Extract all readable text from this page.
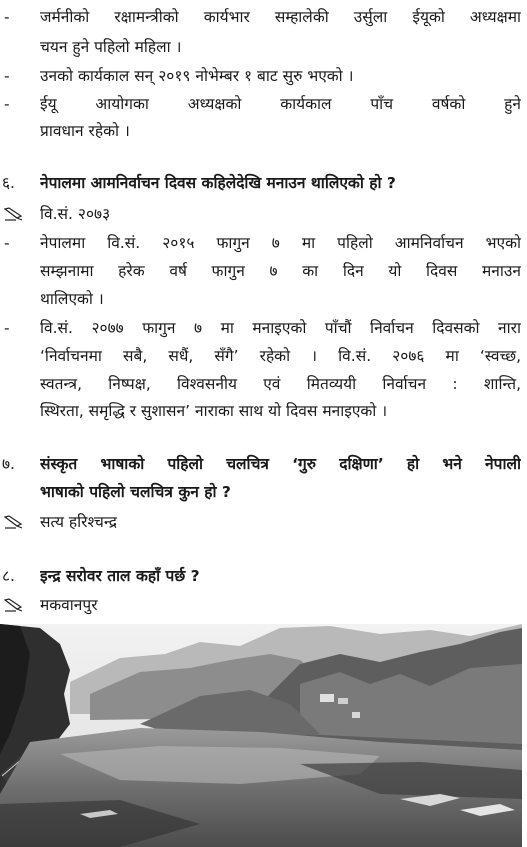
-	जर्मनीको रक्षामन्त्रीको कार्यभार सम्हालेकी उर्सुला ईयूको अध्यक्षमा
चयन हुने पहिलो महिला ।
-	उनको कार्यकाल सन् २०१९ नोभेम्बर १ बाट सुरु भएको ।
-	ईयू आयोगका अध्यक्षको कार्यकाल पाँच वर्षको हुने
प्रावधान रहेको ।
६.	नेपालमा आमनिर्वाचन दिवस कहिलेदेखि मनाउन थालिएको हो ?
वि.सं. २०७३
-	नेपालमा वि.सं. २०१५ फागुन ७ मा पहिलो आमनिर्वाचन भएको
सम्झनामा हरेक वर्ष फागुन ७ का दिन यो दिवस मनाउन
थालिएको ।
-	वि.सं. २०७७ फागुन ७ मा मनाइएको पाँचौं निर्वाचन दिवसको नारा
‘निर्वाचनमा सबै, सधैं, सँगै’ रहेको । वि.सं. २०७६ मा ‘स्वच्छ,
स्वतन्त्र, निष्पक्ष, विश्वसनीय एवं मितव्ययी निर्वाचन : शान्ति,
स्थिरता, समृद्धि र सुशासन’ नाराका साथ यो दिवस मनाइएको ।
७.	संस्कृत भाषाको पहिलो चलचित्र ‘गुरु दक्षिणा’ हो भने नेपाली
भाषाको पहिलो चलचित्र कुन हो ?
सत्य हरिश्चन्द्र
८.	इन्द्र सरोवर ताल कहाँ पर्छ ?
मकवानपुर
